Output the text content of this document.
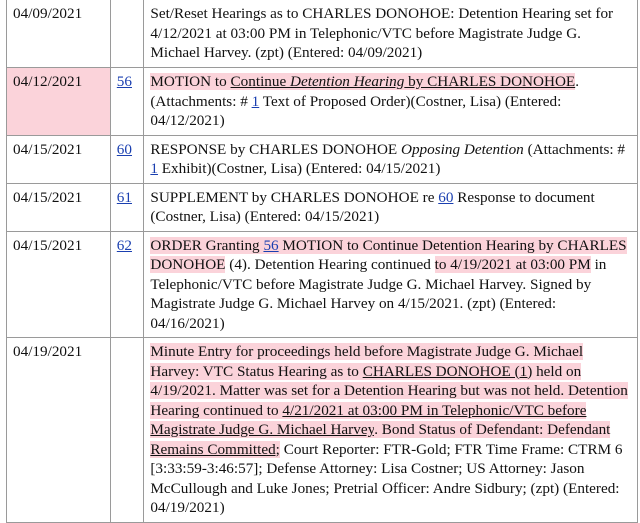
04/09/2021		Set/Reset Hearings as to CHARLES DONOHOE: Detention Hearing set for 4/12/2021 at 03:00 PM in Telephonic/VTC before Magistrate Judge G. Michael Harvey. (zpt) (Entered: 04/09/2021)
04/12/2021	56	MOTION to Continue Detention Hearing by CHARLES DONOHOE. (Attachments: # 1 Text of Proposed Order)(Costner, Lisa) (Entered: 04/12/2021)
04/15/2021	60	RESPONSE by CHARLES DONOHOE Opposing Detention (Attachments: # 1 Exhibit)(Costner, Lisa) (Entered: 04/15/2021)
04/15/2021	61	SUPPLEMENT by CHARLES DONOHOE re 60 Response to document (Costner, Lisa) (Entered: 04/15/2021)
04/15/2021	62	ORDER Granting 56 MOTION to Continue Detention Hearing by CHARLES DONOHOE (4). Detention Hearing continued to 4/19/2021 at 03:00 PM in Telephonic/VTC before Magistrate Judge G. Michael Harvey. Signed by Magistrate Judge G. Michael Harvey on 4/15/2021. (zpt) (Entered: 04/16/2021)
04/19/2021		Minute Entry for proceedings held before Magistrate Judge G. Michael Harvey: VTC Status Hearing as to CHARLES DONOHOE (1) held on 4/19/2021. Matter was set for a Detention Hearing but was not held. Detention Hearing continued to 4/21/2021 at 03:00 PM in Telephonic/VTC before Magistrate Judge G. Michael Harvey. Bond Status of Defendant: Defendant Remains Committed; Court Reporter: FTR-Gold; FTR Time Frame: CTRM 6 [3:33:59-3:46:57]; Defense Attorney: Lisa Costner; US Attorney: Jason McCullough and Luke Jones; Pretrial Officer: Andre Sidbury; (zpt) (Entered: 04/19/2021)
